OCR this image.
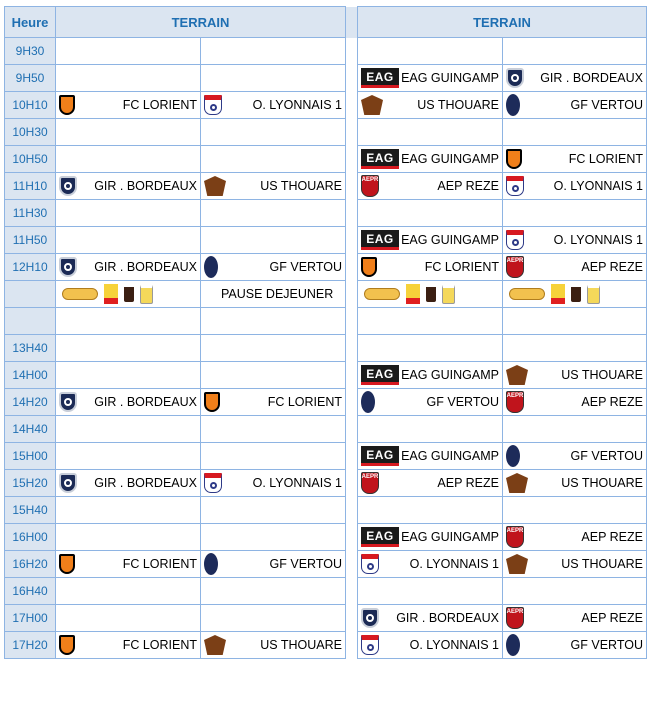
Heure	TERRAIN			TERRAIN	
9H30					
9H50				EAG EAG GUINGAMP	GIR . BORDEAUX

10H10	FC LORIENT	O. LYONNAIS 1		US THOUARE	GF VERTOU

10H30					
10H50				EAG EAG GUINGAMP	FC LORIENT

11H10	GIR . BORDEAUX	US THOUARE		AEPR AEP REZE	O. LYONNAIS 1

11H30					
11H50				EAG EAG GUINGAMP	O. LYONNAIS 1

12H10	GIR . BORDEAUX	GF VERTOU		FC LORIENT	AEPR AEP REZE

PAUSE DEJEUNER			

13H40					
14H00				EAG EAG GUINGAMP	US THOUARE

14H20	GIR . BORDEAUX	FC LORIENT		GF VERTOU	AEPR AEP REZE

14H40					
15H00				EAG EAG GUINGAMP	GF VERTOU

15H20	GIR . BORDEAUX	O. LYONNAIS 1		AEPR AEP REZE	US THOUARE

15H40					
16H00				EAG EAG GUINGAMP	AEPR AEP REZE

16H20	FC LORIENT	GF VERTOU		O. LYONNAIS 1	US THOUARE

16H40					
17H00				GIR . BORDEAUX	AEPR AEP REZE

17H20	FC LORIENT	US THOUARE		O. LYONNAIS 1	GF VERTOU
